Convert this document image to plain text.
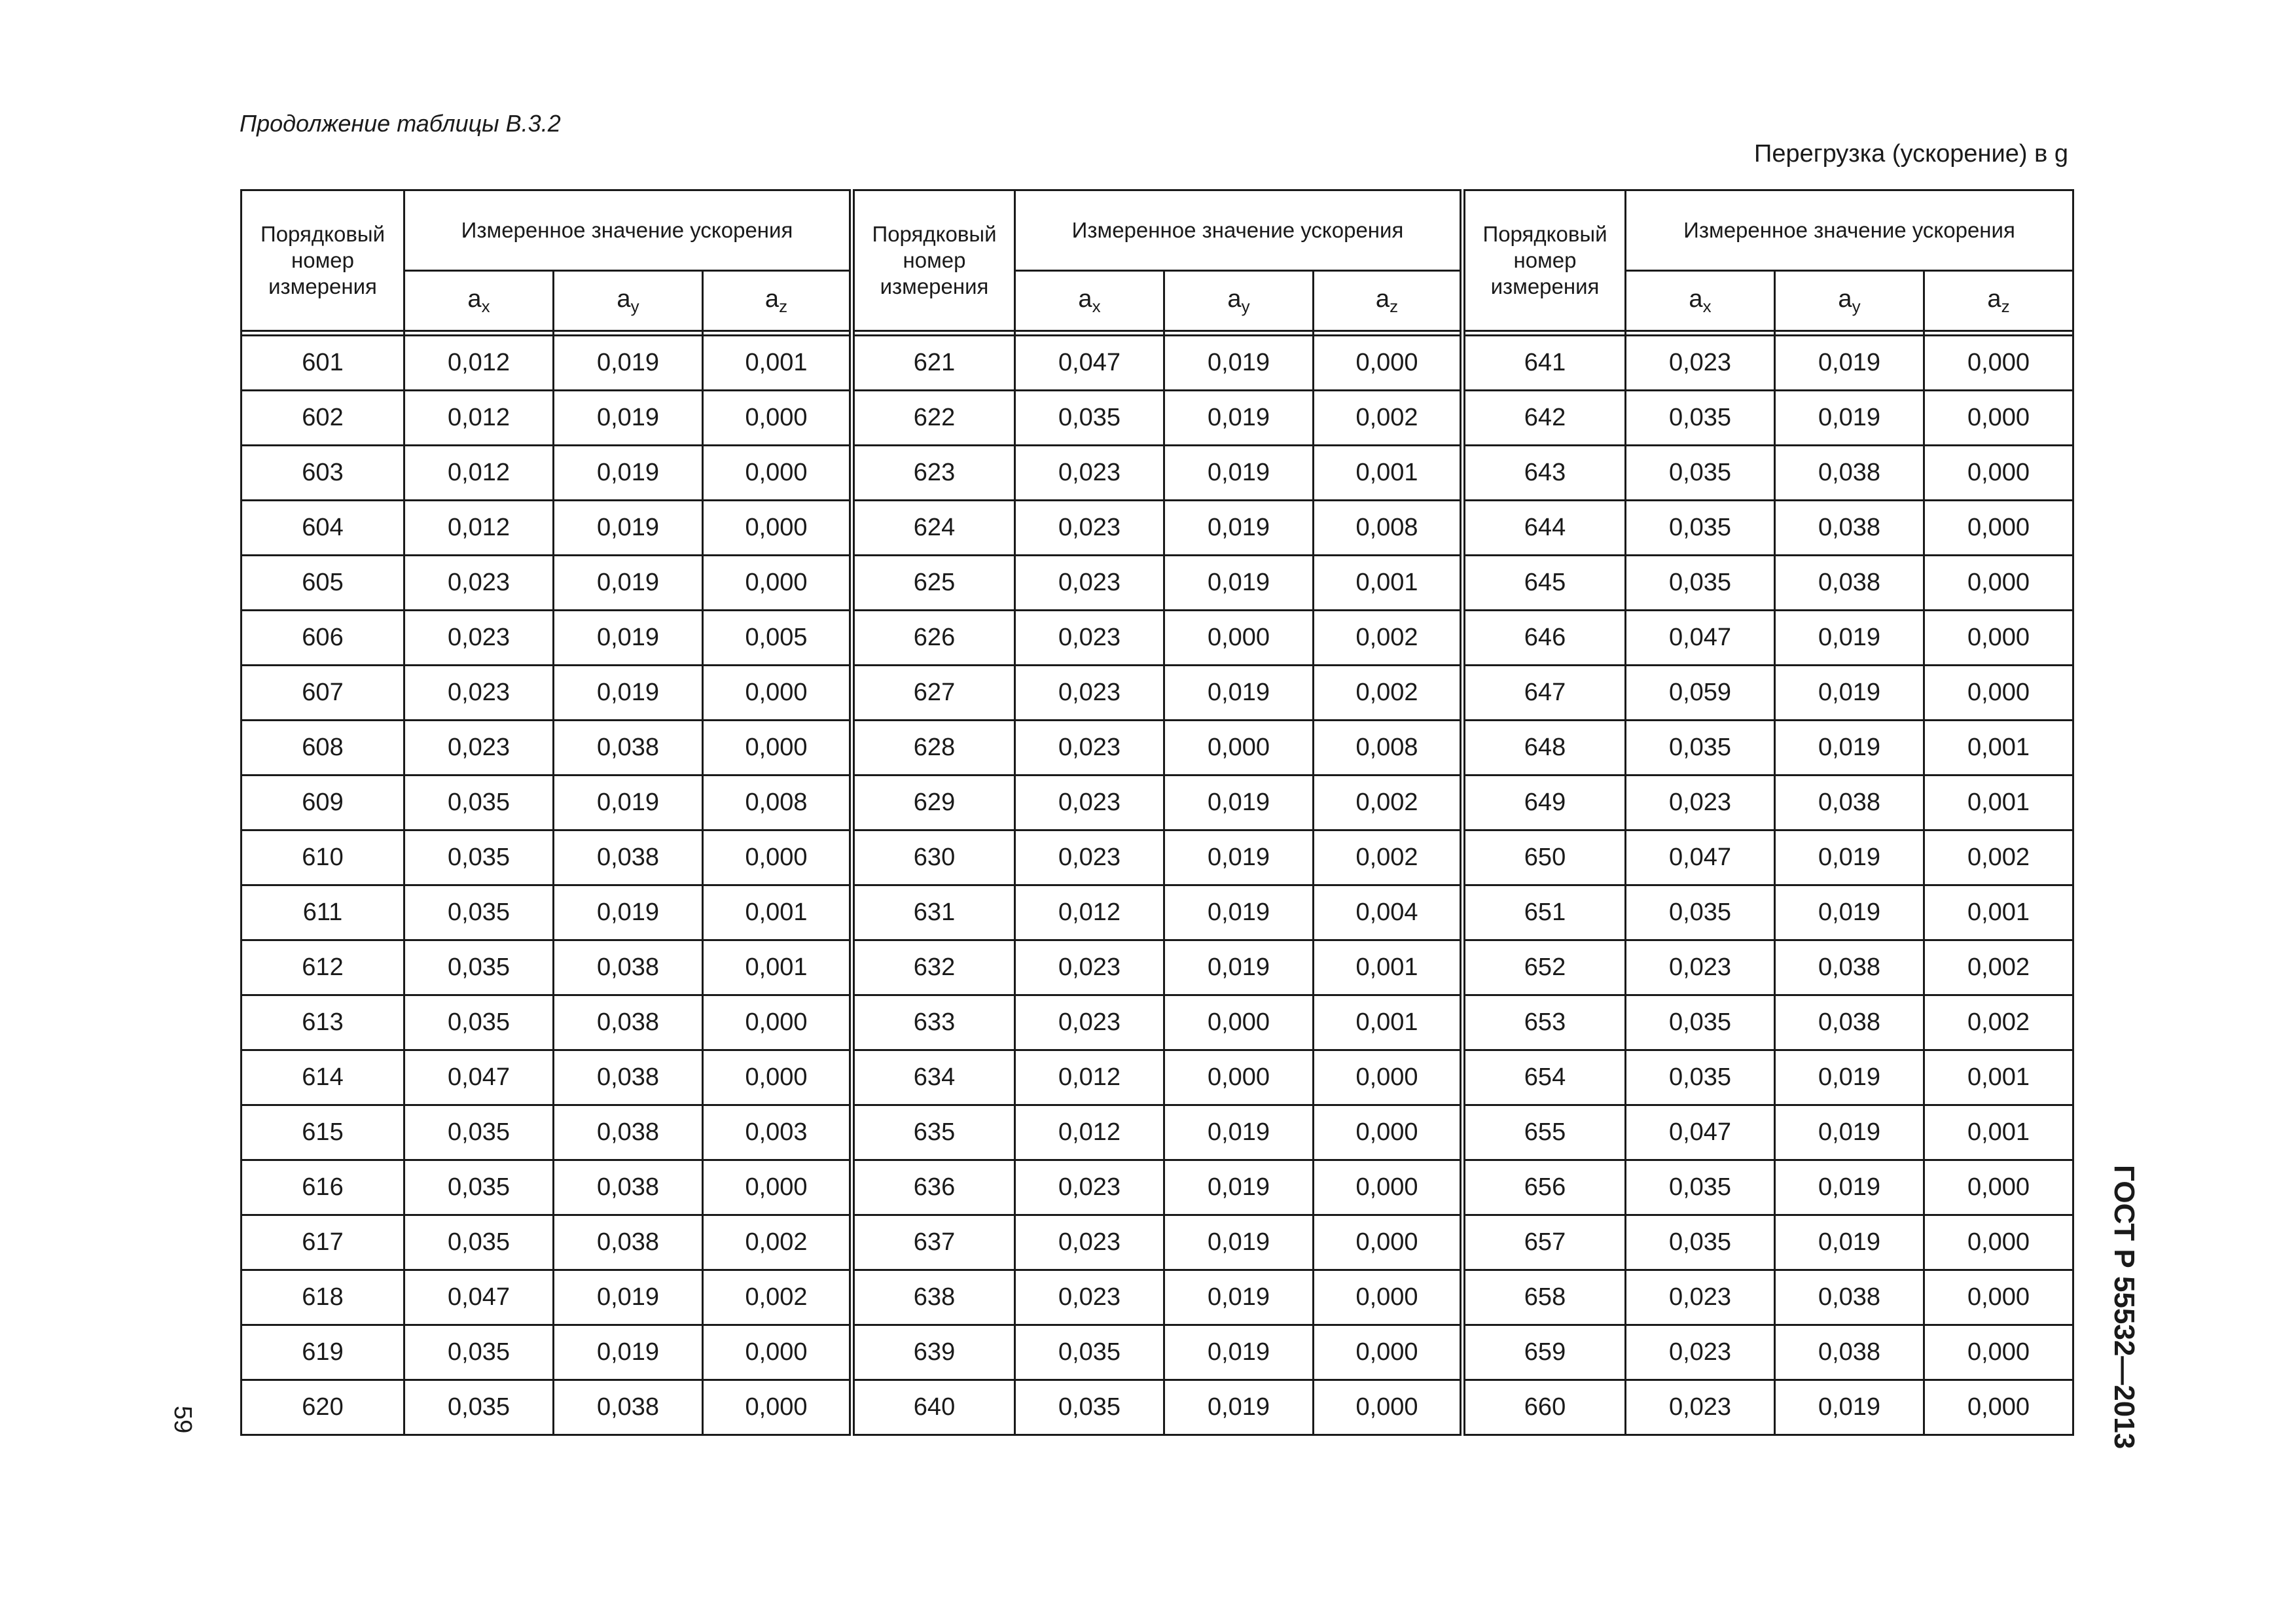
Продолжение таблицы В.3.2
Перегрузка (ускорение) в g
Порядковый номер измерения	Измеренное значение ускорения			Порядковый номер измерения	Измеренное значение ускорения			Порядковый номер измерения	Измеренное значение ускорения		
	$a_x$	$a_y$	$a_z$		$a_x$	$a_y$	$a_z$		$a_x$	$a_y$	$a_z$

601	0,012	0,019	0,001	621	0,047	0,019	0,000	641	0,023	0,019	0,000
602	0,012	0,019	0,000	622	0,035	0,019	0,002	642	0,035	0,019	0,000
603	0,012	0,019	0,000	623	0,023	0,019	0,001	643	0,035	0,038	0,000
604	0,012	0,019	0,000	624	0,023	0,019	0,008	644	0,035	0,038	0,000
605	0,023	0,019	0,000	625	0,023	0,019	0,001	645	0,035	0,038	0,000
606	0,023	0,019	0,005	626	0,023	0,000	0,002	646	0,047	0,019	0,000
607	0,023	0,019	0,000	627	0,023	0,019	0,002	647	0,059	0,019	0,000
608	0,023	0,038	0,000	628	0,023	0,000	0,008	648	0,035	0,019	0,001
609	0,035	0,019	0,008	629	0,023	0,019	0,002	649	0,023	0,038	0,001
610	0,035	0,038	0,000	630	0,023	0,019	0,002	650	0,047	0,019	0,002
611	0,035	0,019	0,001	631	0,012	0,019	0,004	651	0,035	0,019	0,001
612	0,035	0,038	0,001	632	0,023	0,019	0,001	652	0,023	0,038	0,002
613	0,035	0,038	0,000	633	0,023	0,000	0,001	653	0,035	0,038	0,002
614	0,047	0,038	0,000	634	0,012	0,000	0,000	654	0,035	0,019	0,001
615	0,035	0,038	0,003	635	0,012	0,019	0,000	655	0,047	0,019	0,001
616	0,035	0,038	0,000	636	0,023	0,019	0,000	656	0,035	0,019	0,000
617	0,035	0,038	0,002	637	0,023	0,019	0,000	657	0,035	0,019	0,000
618	0,047	0,019	0,002	638	0,023	0,019	0,000	658	0,023	0,038	0,000
619	0,035	0,019	0,000	639	0,035	0,019	0,000	659	0,023	0,038	0,000
620	0,035	0,038	0,000	640	0,035	0,019	0,000	660	0,023	0,019	0,000	ГОСТ Р 55532—2013
59
